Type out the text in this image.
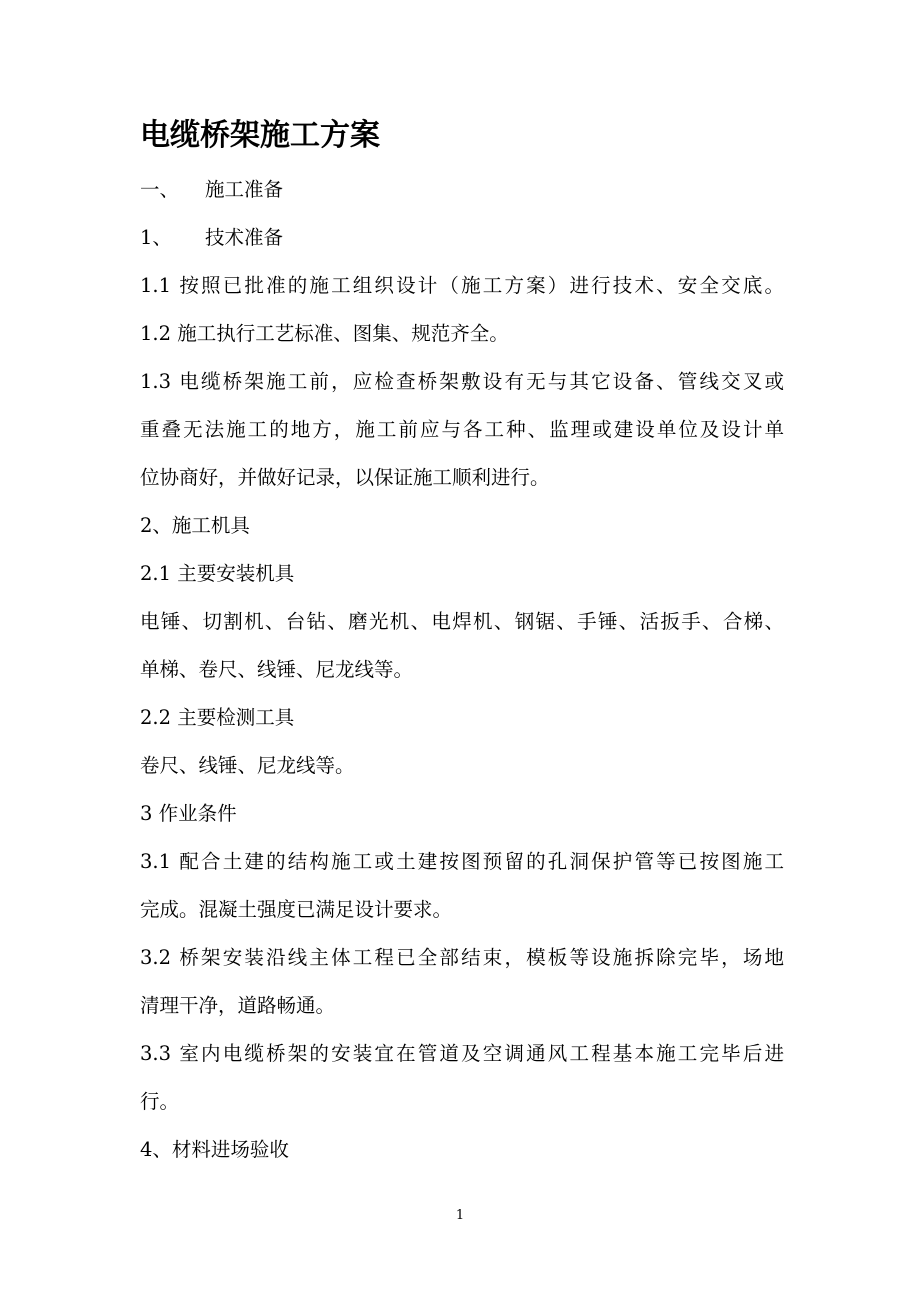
电缆桥架施工方案
一、	施工准备
1、	技术准备
1.1 按照已批准的施工组织设计（施工方案）进行技术、安全交底。
1.2 施工执行工艺标准、图集、规范齐全。
1.3 电缆桥架施工前，应检查桥架敷设有无与其它设备、管线交叉或
重叠无法施工的地方，施工前应与各工种、监理或建设单位及设计单
位协商好，并做好记录，以保证施工顺利进行。
2、施工机具
2.1 主要安装机具
电锤、切割机、台钻、磨光机、电焊机、钢锯、手锤、活扳手、合梯、
单梯、卷尺、线锤、尼龙线等。
2.2 主要检测工具
卷尺、线锤、尼龙线等。
3 作业条件
3.1 配合土建的结构施工或土建按图预留的孔洞保护管等已按图施工
完成。混凝土强度已满足设计要求。
3.2 桥架安装沿线主体工程已全部结束，模板等设施拆除完毕，场地
清理干净，道路畅通。
3.3 室内电缆桥架的安装宜在管道及空调通风工程基本施工完毕后进
行。
4、材料进场验收
1
